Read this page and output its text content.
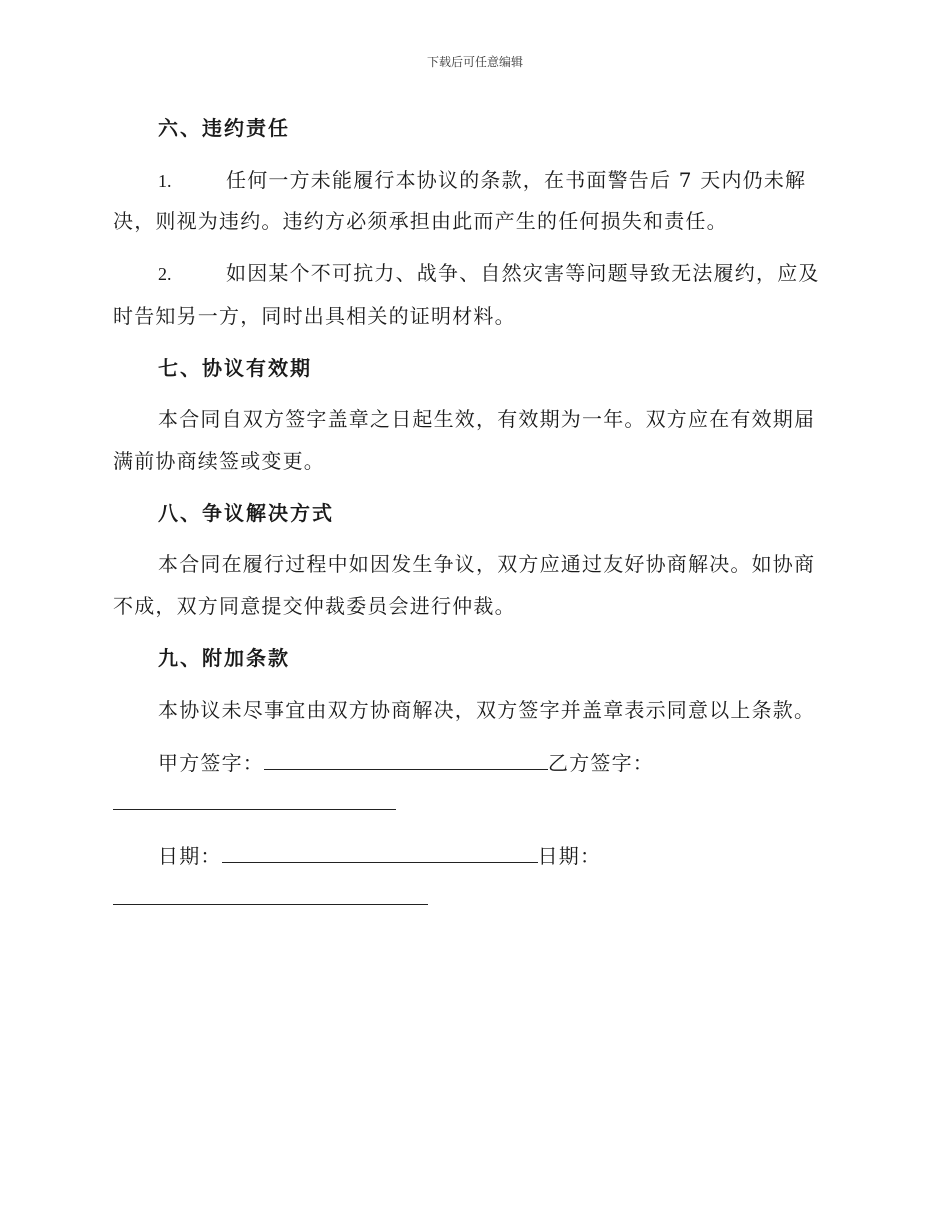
下载后可任意编辑
六、违约责任
1.	任何一方未能履行本协议的条款，在书面警告后 7 天内仍未解
决，则视为违约。违约方必须承担由此而产生的任何损失和责任。
2.	如因某个不可抗力、战争、自然灾害等问题导致无法履约，应及
时告知另一方，同时出具相关的证明材料。
七、协议有效期
本合同自双方签字盖章之日起生效，有效期为一年。双方应在有效期届
满前协商续签或变更。
八、争议解决方式
本合同在履行过程中如因发生争议，双方应通过友好协商解决。如协商
不成，双方同意提交仲裁委员会进行仲裁。
九、附加条款
本协议未尽事宜由双方协商解决，双方签字并盖章表示同意以上条款。
甲方签字：	乙方签字：
日期：	日期：
